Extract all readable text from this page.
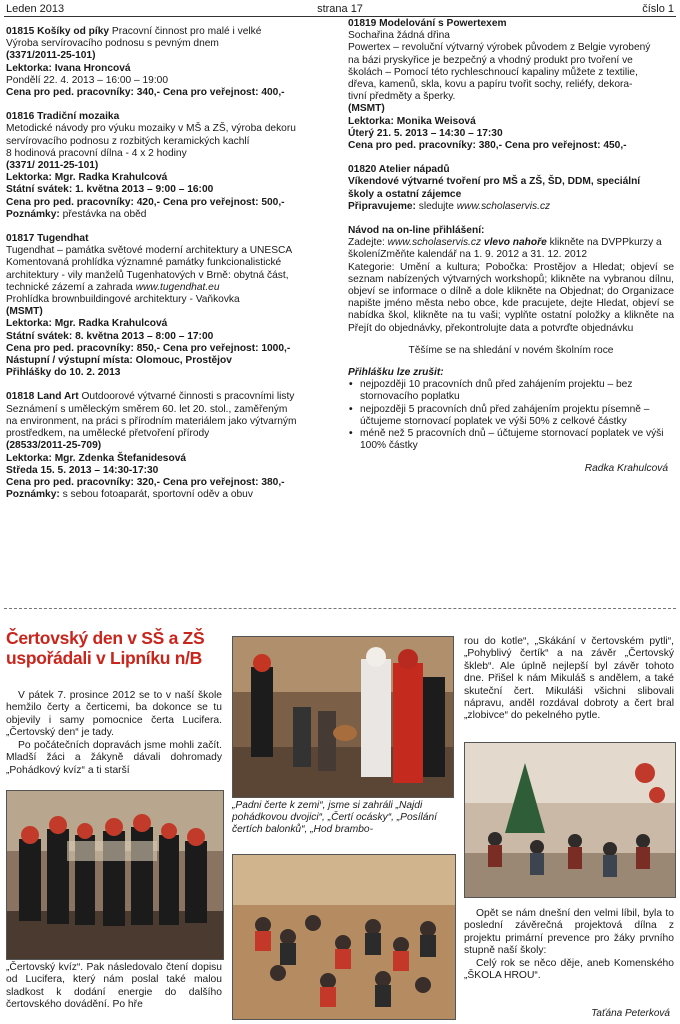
Leden 2013	strana 17	číslo 1
01815 Košíky od píky Pracovní činnost pro malé i velké
Výroba servírovacího podnosu s pevným dnem
(3371/2011-25-101)
Lektorka: Ivana Hroncová
Pondělí 22. 4. 2013 – 16:00 – 19:00
Cena pro ped. pracovníky: 340,- Cena pro veřejnost: 400,-
01816 Tradiční mozaika
Metodické návody pro výuku mozaiky v MŠ a ZŠ, výroba dekoru
servírovacího podnosu z rozbitých keramických kachlí
8 hodinová pracovní dílna - 4 x 2 hodiny
(3371/ 2011-25-101)
Lektorka: Mgr. Radka Krahulcová
Státní svátek: 1. května 2013 – 9:00 – 16:00
Cena pro ped. pracovníky: 420,- Cena pro veřejnost: 500,-
Poznámky: přestávka na oběd
01817 Tugendhat
Tugendhat – památka světové moderní architektury a UNESCA
Komentovaná prohlídka významné památky funkcionalistické
architektury - vily manželů Tugenhatových v Brně: obytná část,
technické zázemí a zahrada www.tugendhat.eu
Prohlídka brownbuildingové architektury - Vaňkovka
(MSMT)
Lektorka: Mgr. Radka Krahulcová
Státní svátek: 8. května 2013 – 8:00 – 17:00
Cena pro ped. pracovníky: 850,- Cena pro veřejnost: 1000,-
Nástupní / výstupní místa: Olomouc, Prostějov
Přihlášky do 10. 2. 2013
01818 Land Art Outdoorové výtvarné činnosti s pracovními listy
Seznámení s uměleckým směrem 60. let 20. stol., zaměřeným
na environment, na práci s přírodním materiálem jako výtvarným
prostředkem, na umělecké přetvoření přírody
(28533/2011-25-709)
Lektorka: Mgr. Zdenka Štefanidesová
Středa 15. 5. 2013 – 14:30-17:30
Cena pro ped. pracovníky: 320,- Cena pro veřejnost: 380,-
Poznámky: s sebou fotoaparát, sportovní oděv a obuv
01819 Modelování s Powertexem
Sochařina žádná dřina
Powertex – revoluční výtvarný výrobek původem z Belgie vyrobený
na bázi pryskyřice je bezpečný a vhodný produkt pro tvoření ve
školách – Pomocí této rychleschnoucí kapaliny můžete z textilie,
dřeva, kamenů, skla, kovu a papíru tvořit sochy, reliéfy, dekora-
tivní předměty a šperky.
(MSMT)
Lektorka: Monika Weisová
Úterý 21. 5. 2013 – 14:30 – 17:30
Cena pro ped. pracovníky: 380,- Cena pro veřejnost: 450,-
01820 Atelier nápadů
Víkendové výtvarné tvoření pro MŠ a ZŠ, ŠD, DDM, speciální
školy a ostatní zájemce
Připravujeme: sledujte www.scholaservis.cz
Návod na on-line přihlášení:
Zadejte: www.scholaservis.cz vlevo nahoře klikněte na DVPPkurzy a školeníZměňte kalendář na 1. 9. 2012 a 31. 12. 2012
Kategorie: Umění a kultura; Pobočka: Prostějov a Hledat; objeví se seznam nabízených výtvarných workshopů; klikněte na vybranou dílnu, objeví se informace o dílně a dole klikněte na Objednat; do Organizace napište jméno města nebo obce, kde pracujete, dejte Hledat, objeví se nabídka škol, klikněte na tu vaši; vyplňte ostatní položky a klikněte na Přejít do objednávky, překontrolujte data a potvrďte objednávku
Těšíme se na shledání v novém školním roce
Přihlášku lze zrušit:
• nejpozději 10 pracovních dnů před zahájením projektu – bez stornovacího poplatku
• nejpozději 5 pracovních dnů před zahájením projektu písemně – účtujeme stornovací poplatek ve výši 50% z celkové částky
• méně než 5 pracovních dnů – účtujeme stornovací poplatek ve výši 100% částky
Radka Krahulcová
Čertovský den v SŠ a ZŠ uspořádali v Lipníku n/B
V pátek 7. prosince 2012 se to v naší škole hemžilo čerty a čerticemi, ba dokonce se tu objevily i samy pomocnice čerta Lucifera. „Čertovský den“ je tady.
Po počátečních dopravách jsme mohli začít. Mladší žáci a žákyně dávali dohromady „Pohádkový kvíz“ a ti starší
„Čertovský kvíz“. Pak následovalo čtení dopisu od Lucifera, který nám poslal také malou sladkost k dodání energie do dalšího čertovského dovádění. Po hře
„Padni čerte k zemi“, jsme si zahráli „Najdi pohádkovou dvojici“, „Čertí ocásky“, „Posílání čertích balonků“, „Hod brambo-
rou do kotle“, „Skákání v čertovském pytli“, „Pohyblivý čertík“ a na závěr „Čertovský škleb“. Ale úplně nejlepší byl závěr tohoto dne. Přišel k nám Mikuláš s andělem, a také skuteční čert. Mikuláši všichni slibovali nápravu, anděl rozdával dobroty a čert bral „zlobivce“ do pekelného pytle.
Opět se nám dnešní den velmi líbil, byla to poslední závěrečná projektová dílna z projektu primární prevence pro žáky prvního stupně naší školy:
Celý rok se něco děje, aneb Komenského „ŠKOLA HROU“.
Taťána Peterková
